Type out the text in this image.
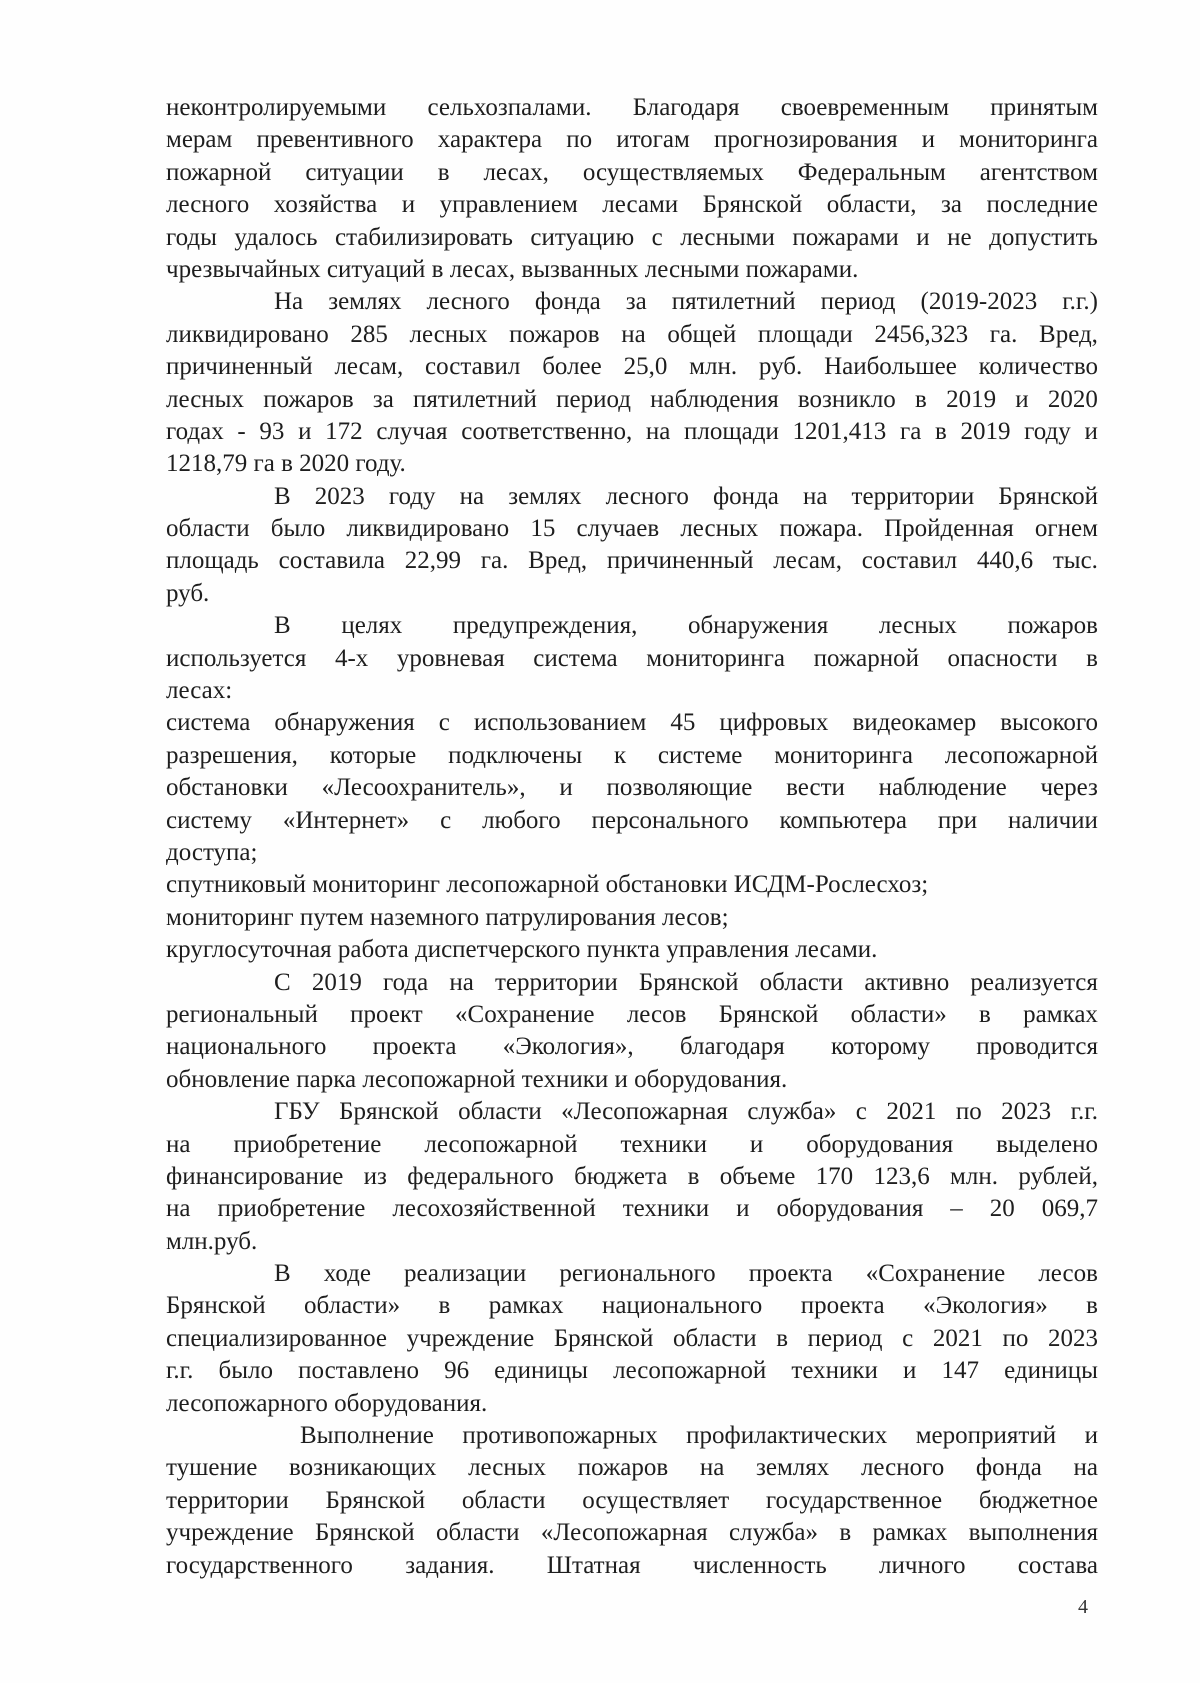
неконтролируемыми сельхозпалами. Благодаря своевременным принятым
мерам превентивного характера по итогам прогнозирования и мониторинга
пожарной ситуации в лесах, осуществляемых Федеральным агентством
лесного хозяйства и управлением лесами Брянской области, за последние
годы удалось стабилизировать ситуацию с лесными пожарами и не допустить
чрезвычайных ситуаций в лесах, вызванных лесными пожарами.
На землях лесного фонда за пятилетний период (2019-2023 г.г.)
ликвидировано 285 лесных пожаров на общей площади 2456,323 га. Вред,
причиненный лесам, составил более 25,0 млн. руб. Наибольшее количество
лесных пожаров за пятилетний период наблюдения возникло в 2019 и 2020
годах - 93 и 172 случая соответственно, на площади 1201,413 га в 2019 году и
1218,79 га в 2020 году.
В 2023 году на землях лесного фонда на территории Брянской
области было ликвидировано 15 случаев лесных пожара. Пройденная огнем
площадь составила 22,99 га. Вред, причиненный лесам, составил 440,6 тыс.
руб.
В целях предупреждения, обнаружения лесных пожаров
используется 4-х уровневая система мониторинга пожарной опасности в
лесах:
система обнаружения с использованием 45 цифровых видеокамер высокого
разрешения, которые подключены к системе мониторинга лесопожарной
обстановки «Лесоохранитель», и позволяющие вести наблюдение через
систему «Интернет» с любого персонального компьютера при наличии
доступа;
спутниковый мониторинг лесопожарной обстановки ИСДМ-Рослесхоз;
мониторинг путем наземного патрулирования лесов;
круглосуточная работа диспетчерского пункта управления лесами.
С 2019 года на территории Брянской области активно реализуется
региональный проект «Сохранение лесов Брянской области» в рамках
национального проекта «Экология», благодаря которому проводится
обновление парка лесопожарной техники и оборудования.
ГБУ Брянской области «Лесопожарная служба» с 2021 по 2023 г.г.
на приобретение лесопожарной техники и оборудования выделено
финансирование из федерального бюджета в объеме 170 123,6 млн. рублей,
на приобретение лесохозяйственной техники и оборудования – 20 069,7
млн.руб.
В ходе реализации регионального проекта «Сохранение лесов
Брянской области» в рамках национального проекта «Экология» в
специализированное учреждение Брянской области в период с 2021 по 2023
г.г. было поставлено 96 единицы лесопожарной техники и 147 единицы
лесопожарного оборудования.
Выполнение противопожарных профилактических мероприятий и
тушение возникающих лесных пожаров на землях лесного фонда на
территории Брянской области осуществляет государственное бюджетное
учреждение Брянской области «Лесопожарная служба» в рамках выполнения
государственного задания. Штатная численность личного состава
4
